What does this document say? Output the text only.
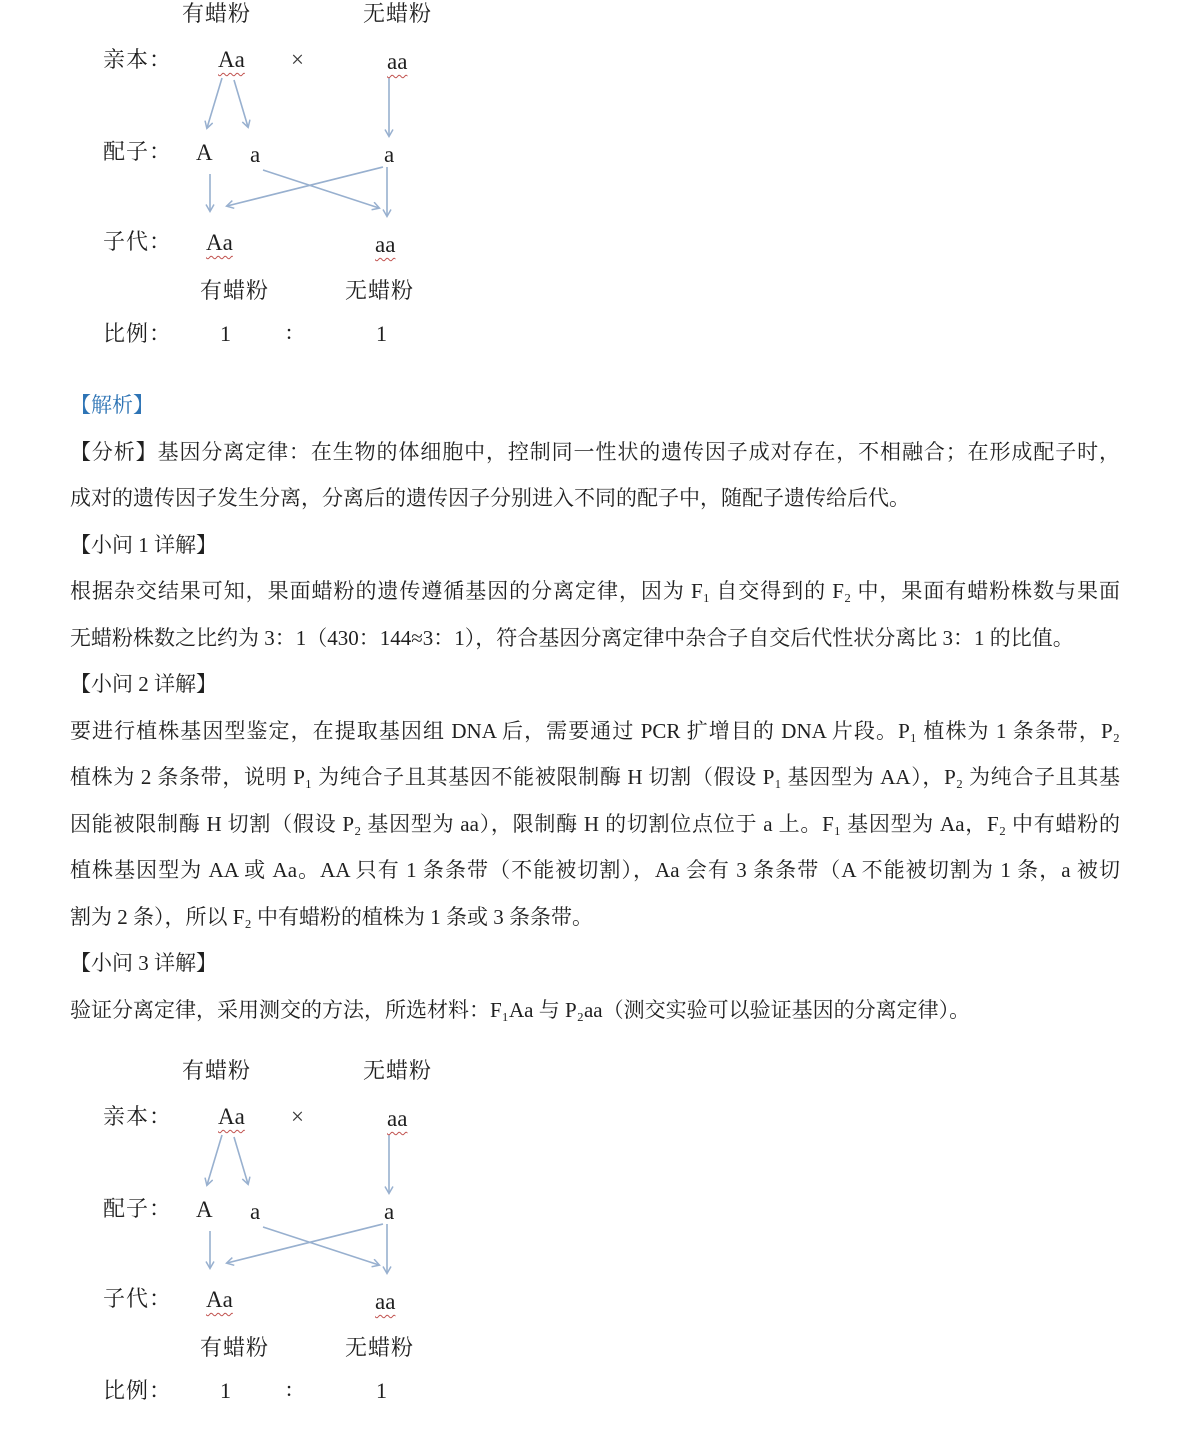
有蜡粉	无蜡粉
亲本： Aa ×	aa
配子： A a	a
子代： Aa	aa
有蜡粉	无蜡粉
比例： 1	:	1
【解析】
【分析】基因分离定律：在生物的体细胞中，控制同一性状的遗传因子成对存在，不相融合；在形成配子时，
成对的遗传因子发生分离，分离后的遗传因子分别进入不同的配子中，随配子遗传给后代。
【小问 1 详解】
根据杂交结果可知，果面蜡粉的遗传遵循基因的分离定律，因为 F₁ 自交得到的 F₂ 中，果面有蜡粉株数与果面
无蜡粉株数之比约为 3：1（430：144≈3：1），符合基因分离定律中杂合子自交后代性状分离比 3：1 的比值。
【小问 2 详解】
要进行植株基因型鉴定，在提取基因组 DNA 后，需要通过 PCR 扩增目的 DNA 片段。P₁ 植株为 1 条条带，P₂
植株为 2 条条带，说明 P₁ 为纯合子且其基因不能被限制酶 H 切割（假设 P₁ 基因型为 AA），P₂ 为纯合子且其基
因能被限制酶 H 切割（假设 P₂ 基因型为 aa），限制酶 H 的切割位点位于 a 上。F₁ 基因型为 Aa，F₂ 中有蜡粉的
植株基因型为 AA 或 Aa。AA 只有 1 条条带（不能被切割），Aa 会有 3 条条带（A 不能被切割为 1 条，a 被切
割为 2 条），所以 F₂ 中有蜡粉的植株为 1 条或 3 条条带。
【小问 3 详解】
验证分离定律，采用测交的方法，所选材料：F₁Aa 与 P₂aa（测交实验可以验证基因的分离定律）。
有蜡粉	无蜡粉
亲本： Aa ×	aa
配子： A a	a
子代： Aa	aa
有蜡粉	无蜡粉
比例： 1	:	1
